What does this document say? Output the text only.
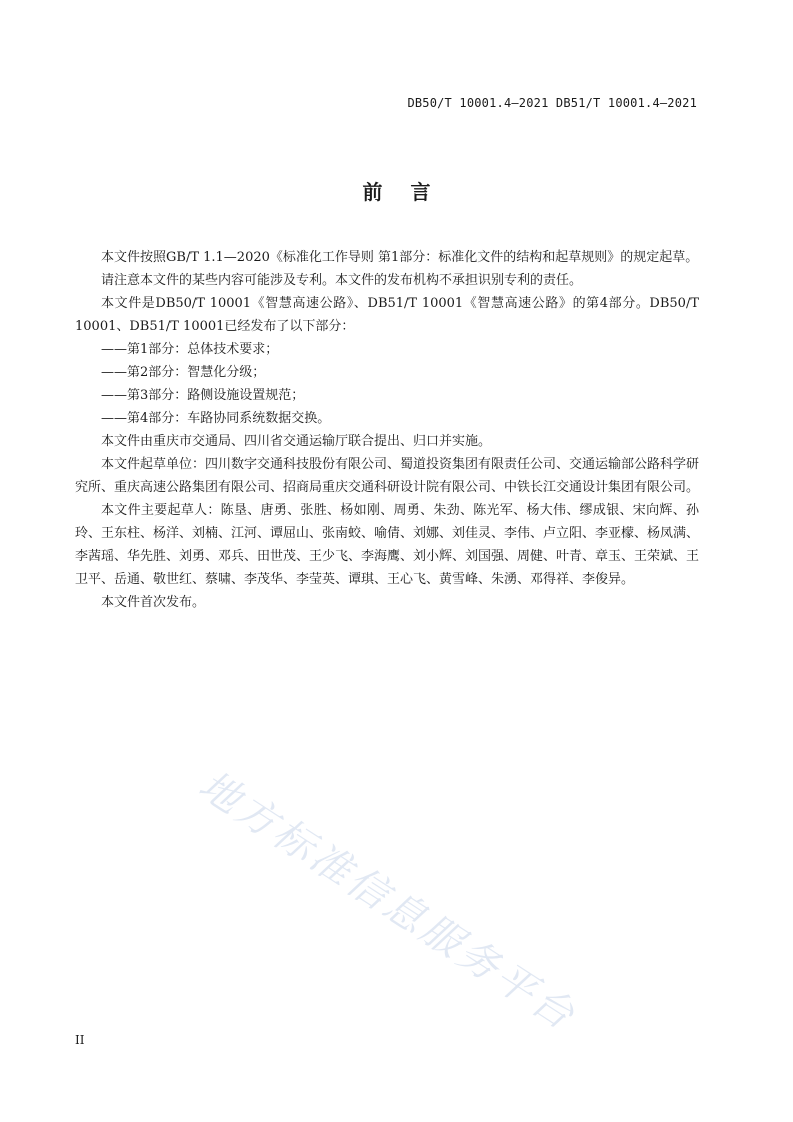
DB50/T 10001.4—2021 DB51/T 10001.4—2021
前言

本文件按照GB/T 1.1—2020《标准化工作导则 第1部分：标准化文件的结构和起草规则》的规定起草。

请注意本文件的某些内容可能涉及专利。本文件的发布机构不承担识别专利的责任。

本文件是DB50/T 10001《智慧高速公路》、DB51/T 10001《智慧高速公路》的第4部分。DB50/T 10001、DB51/T 10001已经发布了以下部分：

——第1部分：总体技术要求；

——第2部分：智慧化分级；

——第3部分：路侧设施设置规范；

——第4部分：车路协同系统数据交换。

本文件由重庆市交通局、四川省交通运输厅联合提出、归口并实施。

本文件起草单位：四川数字交通科技股份有限公司、蜀道投资集团有限责任公司、交通运输部公路科学研究所、重庆高速公路集团有限公司、招商局重庆交通科研设计院有限公司、中铁长江交通设计集团有限公司。

本文件主要起草人：陈垦、唐勇、张胜、杨如刚、周勇、朱劲、陈光军、杨大伟、缪成银、宋向辉、孙玲、王东柱、杨洋、刘楠、江河、谭屈山、张南蛟、喻倩、刘娜、刘佳灵、李伟、卢立阳、李亚檬、杨凤满、李茜瑶、华先胜、刘勇、邓兵、田世茂、王少飞、李海鹰、刘小辉、刘国强、周健、叶青、章玉、王荣斌、王卫平、岳通、敬世红、蔡啸、李茂华、李莹英、谭琪、王心飞、黄雪峰、朱湧、邓得祥、李俊异。

本文件首次发布。

地方标准信息服务平台
II
